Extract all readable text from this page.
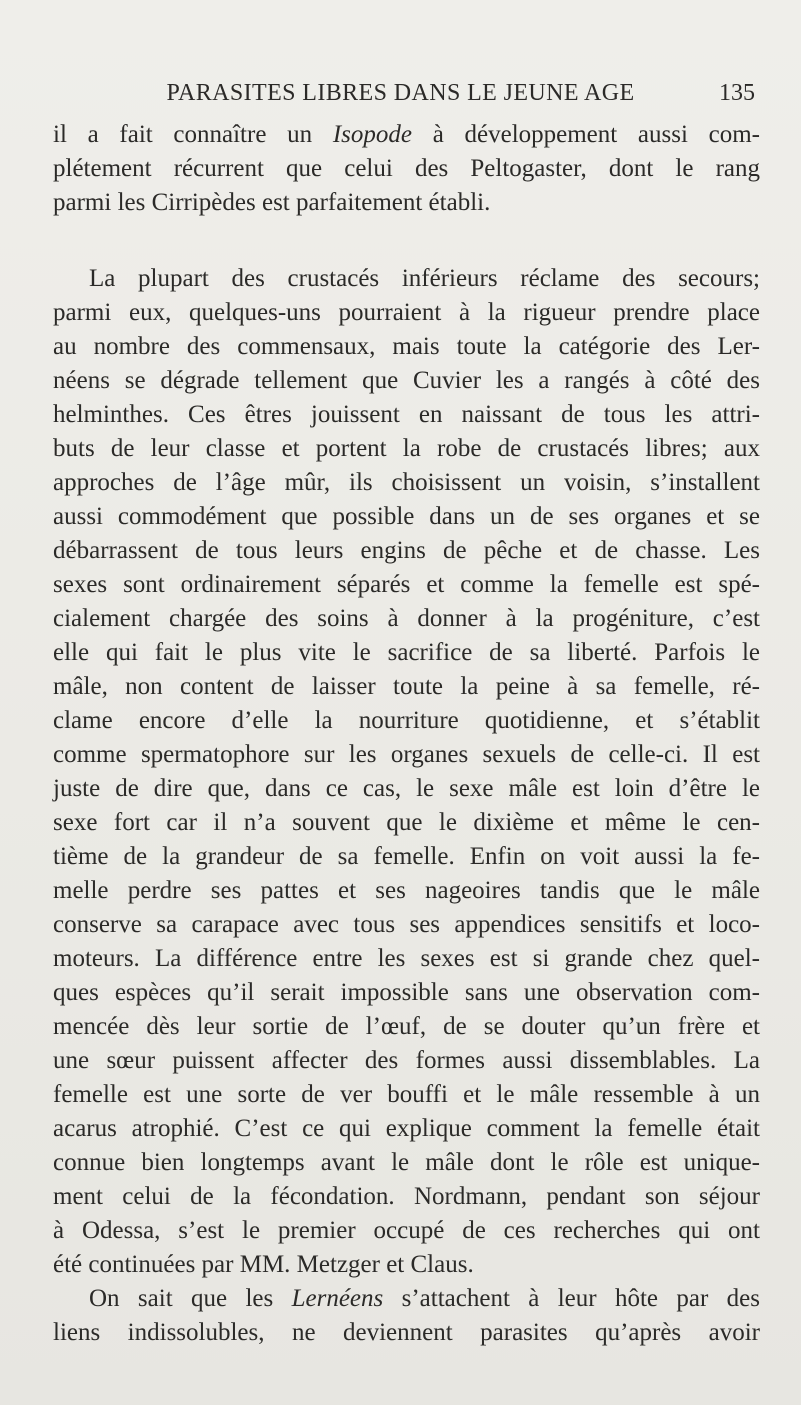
PARASITES LIBRES DANS LE JEUNE AGE	135
il a fait connaître un Isopode à développement aussi com-
plétement récurrent que celui des Peltogaster, dont le rang
parmi les Cirripèdes est parfaitement établi.
La plupart des crustacés inférieurs réclame des secours;
parmi eux, quelques-uns pourraient à la rigueur prendre place
au nombre des commensaux, mais toute la catégorie des Ler-
néens se dégrade tellement que Cuvier les a rangés à côté des
helminthes. Ces êtres jouissent en naissant de tous les attri-
buts de leur classe et portent la robe de crustacés libres; aux
approches de l’âge mûr, ils choisissent un voisin, s’installent
aussi commodément que possible dans un de ses organes et se
débarrassent de tous leurs engins de pêche et de chasse. Les
sexes sont ordinairement séparés et comme la femelle est spé-
cialement chargée des soins à donner à la progéniture, c’est
elle qui fait le plus vite le sacrifice de sa liberté. Parfois le
mâle, non content de laisser toute la peine à sa femelle, ré-
clame encore d’elle la nourriture quotidienne, et s’établit
comme spermatophore sur les organes sexuels de celle-ci. Il est
juste de dire que, dans ce cas, le sexe mâle est loin d’être le
sexe fort car il n’a souvent que le dixième et même le cen-
tième de la grandeur de sa femelle. Enfin on voit aussi la fe-
melle perdre ses pattes et ses nageoires tandis que le mâle
conserve sa carapace avec tous ses appendices sensitifs et loco-
moteurs. La différence entre les sexes est si grande chez quel-
ques espèces qu’il serait impossible sans une observation com-
mencée dès leur sortie de l’œuf, de se douter qu’un frère et
une sœur puissent affecter des formes aussi dissemblables. La
femelle est une sorte de ver bouffi et le mâle ressemble à un
acarus atrophié. C’est ce qui explique comment la femelle était
connue bien longtemps avant le mâle dont le rôle est unique-
ment celui de la fécondation. Nordmann, pendant son séjour
à Odessa, s’est le premier occupé de ces recherches qui ont
été continuées par MM. Metzger et Claus.
On sait que les Lernéens s’attachent à leur hôte par des
liens indissolubles, ne deviennent parasites qu’après avoir
